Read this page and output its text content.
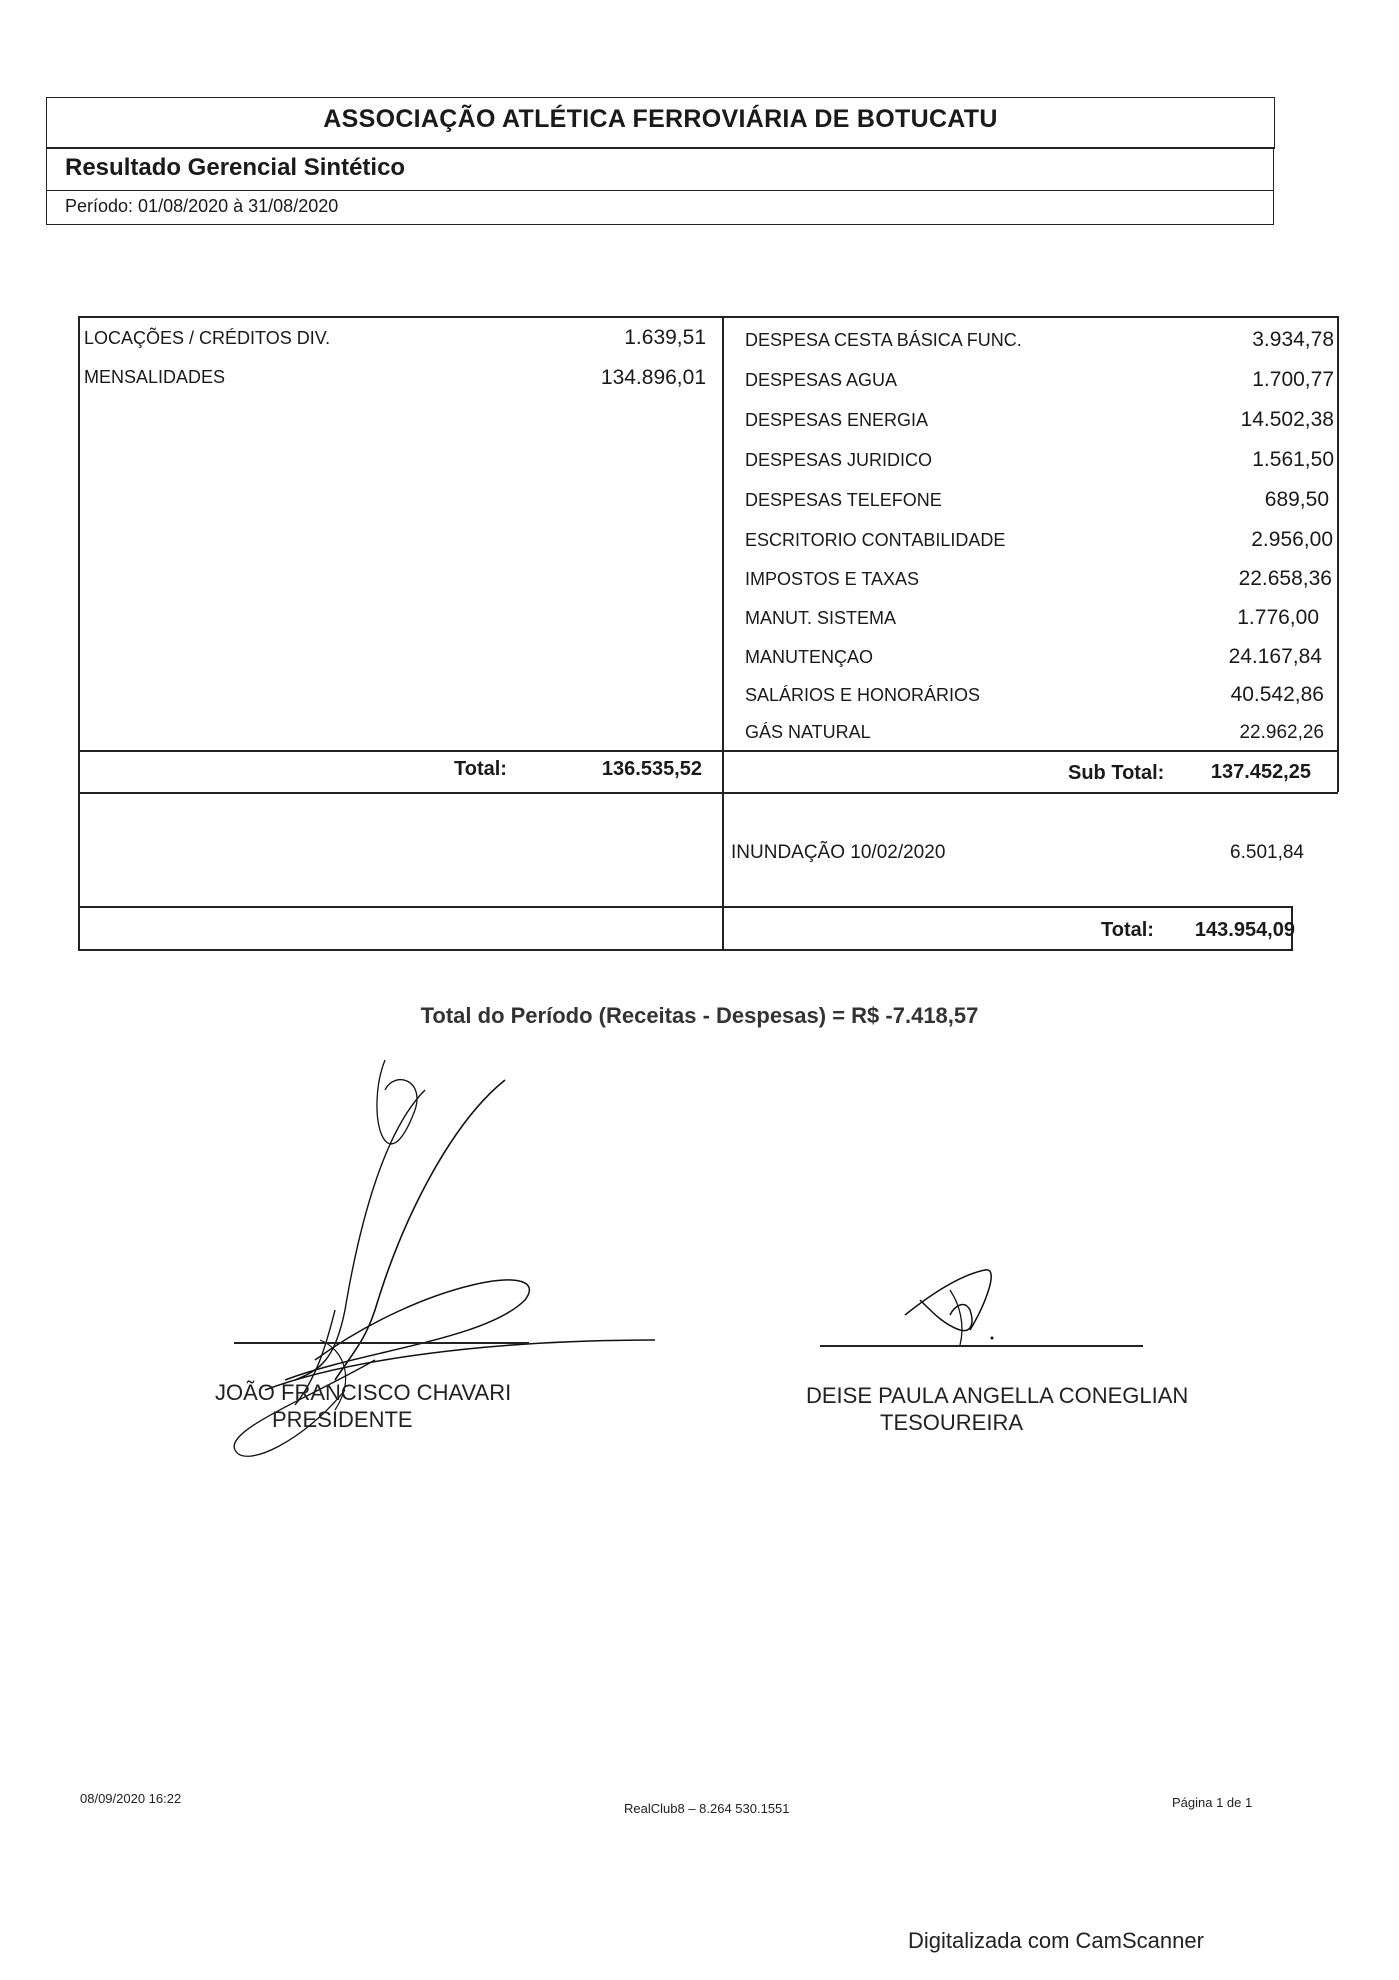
ASSOCIAÇÃO ATLÉTICA FERROVIÁRIA DE BOTUCATU
Resultado Gerencial Sintético
Período: 01/08/2020 à 31/08/2020
LOCAÇÕES / CRÉDITOS DIV.	1.639,51
MENSALIDADES	134.896,01
Total:	136.535,52
DESPESA CESTA BÁSICA FUNC.	3.934,78
DESPESAS AGUA	1.700,77
DESPESAS ENERGIA	14.502,38
DESPESAS JURIDICO	1.561,50
DESPESAS TELEFONE	689,50
ESCRITORIO CONTABILIDADE	2.956,00
IMPOSTOS E TAXAS	22.658,36
MANUT. SISTEMA	1.776,00
MANUTENÇAO	24.167,84
SALÁRIOS E HONORÁRIOS	40.542,86
GÁS NATURAL	22.962,26
Sub Total: 137.452,25
INUNDAÇÃO 10/02/2020	6.501,84
Total: 143.954,09
Total do Período (Receitas - Despesas) = R$ -7.418,57
JOÃO FRANCISCO CHAVARI
PRESIDENTE
DEISE PAULA ANGELLA CONEGLIAN
TESOUREIRA
08/09/2020 16:22
RealClub8 – 8.264 530.1551	Página 1 de 1
Digitalizada com CamScanner
